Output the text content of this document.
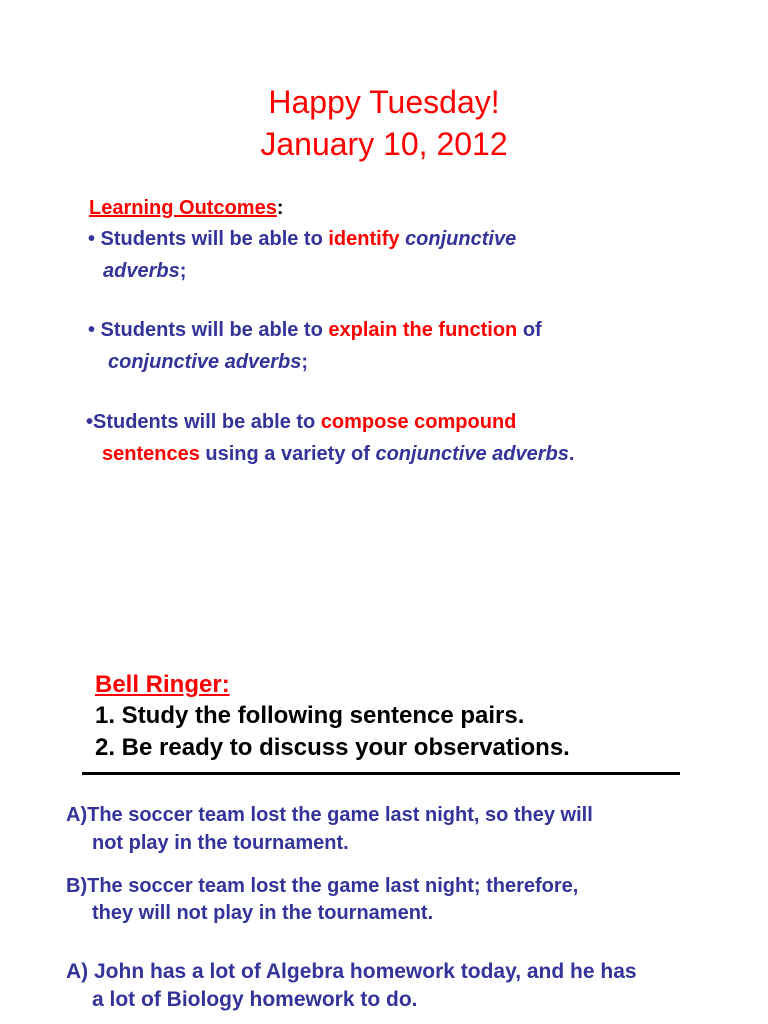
Happy Tuesday!
January 10, 2012
Learning Outcomes:
• Students will be able to identify conjunctive
adverbs;
• Students will be able to explain the function of
conjunctive adverbs;
•Students will be able to compose compound
sentences using a variety of conjunctive adverbs.
Bell Ringer:
1. Study the following sentence pairs.
2. Be ready to discuss your observations.
A)The soccer team lost the game last night, so they will
not play in the tournament.
B)The soccer team lost the game last night; therefore,
they will not play in the tournament.
A) John has a lot of Algebra homework today, and he has
a lot of Biology homework to do.
